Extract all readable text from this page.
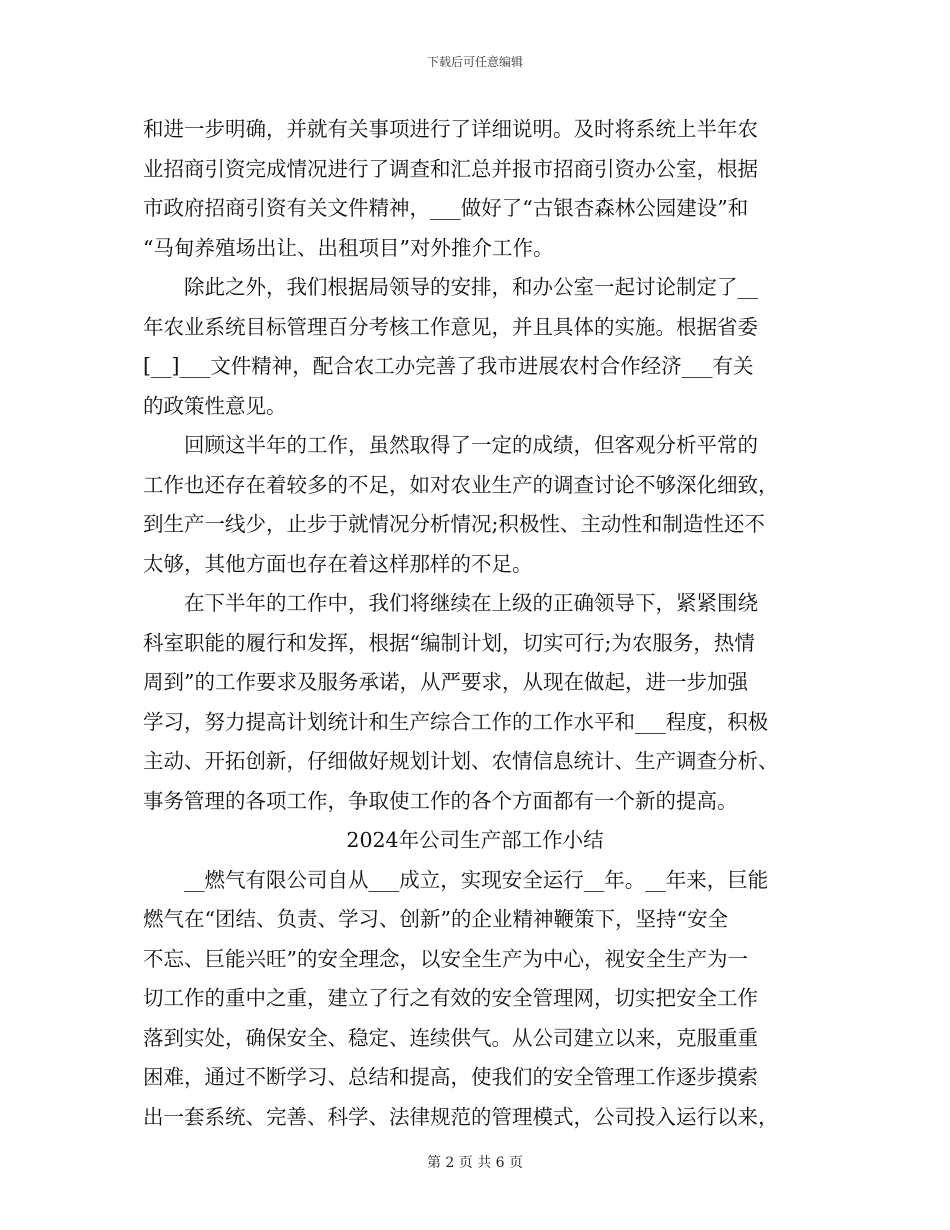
下载后可任意编辑
和进一步明确，并就有关事项进行了详细说明。及时将系统上半年农
业招商引资完成情况进行了调查和汇总并报市招商引资办公室，根据
市政府招商引资有关文件精神，___做好了“古银杏森林公园建设”和
“马甸养殖场出让、出租项目”对外推介工作。
除此之外，我们根据局领导的安排，和办公室一起讨论制定了__
年农业系统目标管理百分考核工作意见，并且具体的实施。根据省委
[__]___文件精神，配合农工办完善了我市进展农村合作经济___有关
的政策性意见。
回顾这半年的工作，虽然取得了一定的成绩，但客观分析平常的
工作也还存在着较多的不足，如对农业生产的调查讨论不够深化细致，
到生产一线少，止步于就情况分析情况;积极性、主动性和制造性还不
太够，其他方面也存在着这样那样的不足。
在下半年的工作中，我们将继续在上级的正确领导下，紧紧围绕
科室职能的履行和发挥，根据“编制计划，切实可行;为农服务，热情
周到”的工作要求及服务承诺，从严要求，从现在做起，进一步加强
学习，努力提高计划统计和生产综合工作的工作水平和___程度，积极
主动、开拓创新，仔细做好规划计划、农情信息统计、生产调查分析、
事务管理的各项工作，争取使工作的各个方面都有一个新的提高。
2024年公司生产部工作小结
__燃气有限公司自从___成立，实现安全运行__年。__年来，巨能
燃气在“团结、负责、学习、创新”的企业精神鞭策下，坚持“安全
不忘、巨能兴旺”的安全理念，以安全生产为中心，视安全生产为一
切工作的重中之重，建立了行之有效的安全管理网，切实把安全工作
落到实处，确保安全、稳定、连续供气。从公司建立以来，克服重重
困难，通过不断学习、总结和提高，使我们的安全管理工作逐步摸索
出一套系统、完善、科学、法律规范的管理模式，公司投入运行以来，
第 2 页 共 6 页
